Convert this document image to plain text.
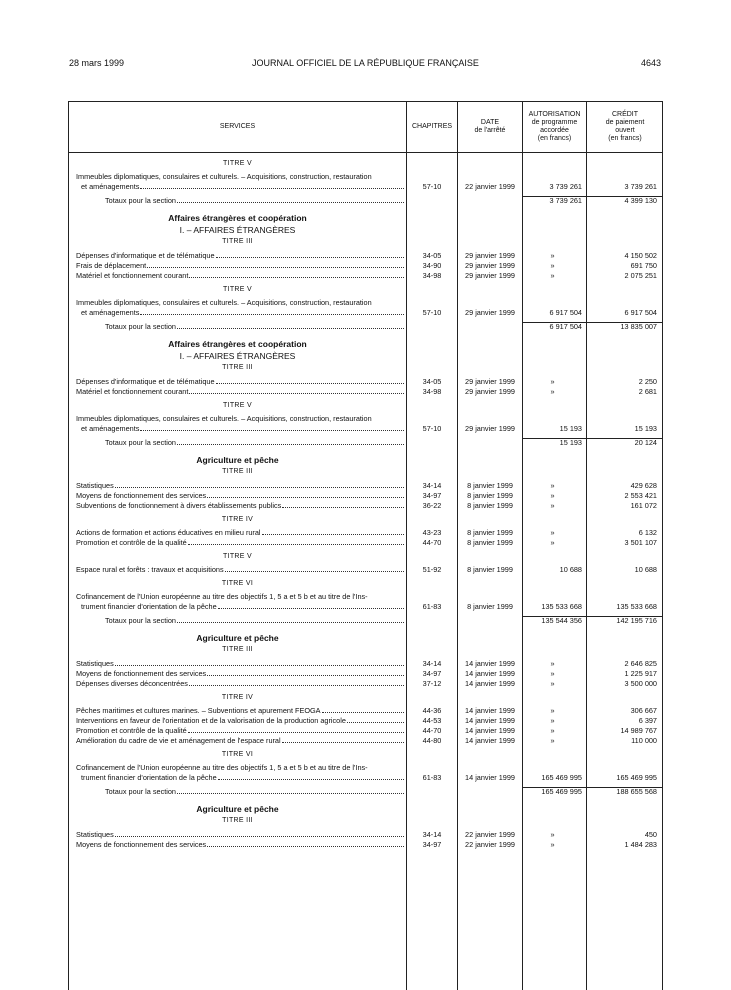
28 mars 1999	JOURNAL OFFICIEL DE LA RÉPUBLIQUE FRANÇAISE	4643
SERVICES	CHAPITRES
DATE
de l'arrêté
AUTORISATION
de programme
accordée
(en francs)
CRÉDIT
de paiement
ouvert
(en francs)
TITRE V
Immeubles diplomatiques, consulaires et culturels. – Acquisitions, construction, restauration
et aménagements	57-10	22 janvier 1999	3 739 261	3 739 261
Totaux pour la section	3 739 261	4 399 130
Affaires étrangères et coopération
I. – AFFAIRES ÉTRANGÈRES
TITRE III
Dépenses d'informatique et de télématique	34-05	29 janvier 1999	»	4 150 502
Frais de déplacement	34-90	29 janvier 1999	»	691 750
Matériel et fonctionnement courant	34-98	29 janvier 1999	»	2 075 251
TITRE V
Immeubles diplomatiques, consulaires et culturels. – Acquisitions, construction, restauration
et aménagements	57-10	29 janvier 1999	6 917 504	6 917 504
Totaux pour la section	6 917 504	13 835 007
Affaires étrangères et coopération
I. – AFFAIRES ÉTRANGÈRES
TITRE III
Dépenses d'informatique et de télématique	34-05	29 janvier 1999	»	2 250
Matériel et fonctionnement courant	34-98	29 janvier 1999	»	2 681
TITRE V
Immeubles diplomatiques, consulaires et culturels. – Acquisitions, construction, restauration
et aménagements	57-10	29 janvier 1999	15 193	15 193
Totaux pour la section	15 193	20 124
Agriculture et pêche
TITRE III
Statistiques	34-14	8 janvier 1999	»	429 628
Moyens de fonctionnement des services	34-97	8 janvier 1999	»	2 553 421
Subventions de fonctionnement à divers établissements publics	36-22	8 janvier 1999	»	161 072
TITRE IV
Actions de formation et actions éducatives en milieu rural	43-23	8 janvier 1999	»	6 132
Promotion et contrôle de la qualité	44-70	8 janvier 1999	»	3 501 107
TITRE V
Espace rural et forêts : travaux et acquisitions	51-92	8 janvier 1999	10 688	10 688
TITRE VI
Cofinancement de l'Union européenne au titre des objectifs 1, 5 a et 5 b et au titre de l'Ins-
trument financier d'orientation de la pêche	61-83	8 janvier 1999	135 533 668	135 533 668
Totaux pour la section	135 544 356	142 195 716
Agriculture et pêche
TITRE III
Statistiques	34-14	14 janvier 1999	»	2 646 825
Moyens de fonctionnement des services	34-97	14 janvier 1999	»	1 225 917
Dépenses diverses déconcentrées	37-12	14 janvier 1999	»	3 500 000
TITRE IV
Pêches maritimes et cultures marines. – Subventions et apurement FEOGA	44-36	14 janvier 1999	»	306 667
Interventions en faveur de l'orientation et de la valorisation de la production agricole	44-53	14 janvier 1999	»	6 397
Promotion et contrôle de la qualité	44-70	14 janvier 1999	»	14 989 767
Amélioration du cadre de vie et aménagement de l'espace rural	44-80	14 janvier 1999	»	110 000
TITRE VI
Cofinancement de l'Union européenne au titre des objectifs 1, 5 a et 5 b et au titre de l'Ins-
trument financier d'orientation de la pêche	61-83	14 janvier 1999	165 469 995	165 469 995
Totaux pour la section	165 469 995	188 655 568
Agriculture et pêche
TITRE III
Statistiques	34-14	22 janvier 1999	»	450
Moyens de fonctionnement des services	34-97	22 janvier 1999	»	1 484 283
